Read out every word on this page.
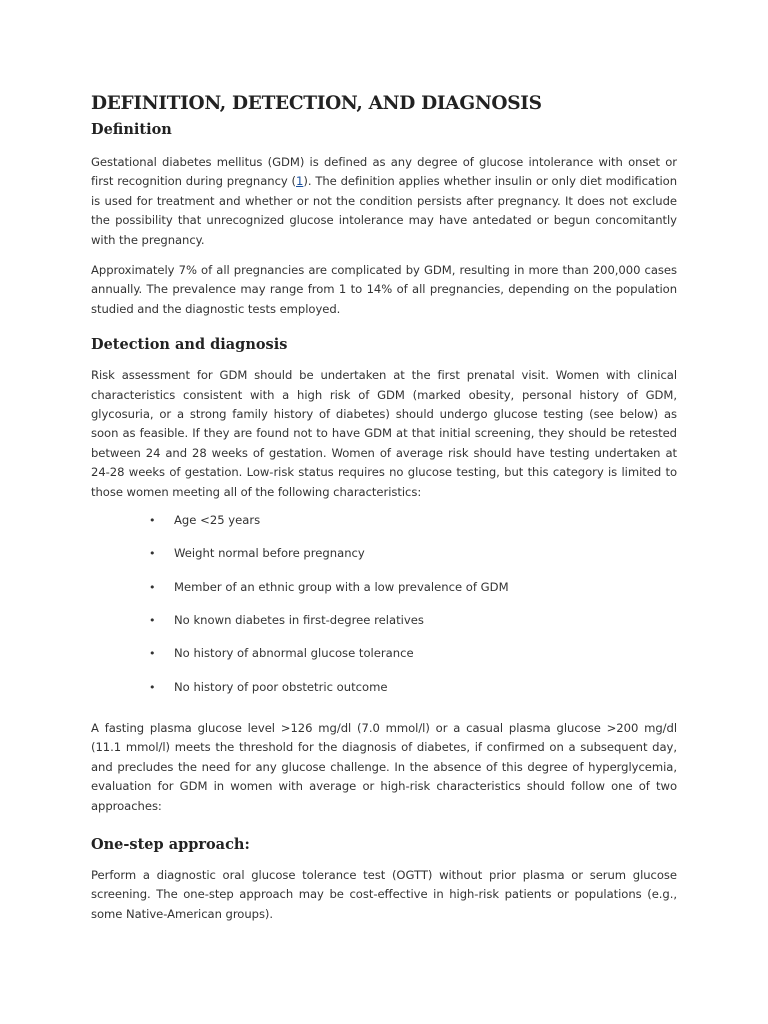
DEFINITION, DETECTION, AND DIAGNOSIS
Definition

Gestational diabetes mellitus (GDM) is defined as any degree of glucose intolerance with onset or first recognition during pregnancy (1). The definition applies whether insulin or only diet modification is used for treatment and whether or not the condition persists after pregnancy. It does not exclude the possibility that unrecognized glucose intolerance may have antedated or begun concomitantly with the pregnancy.

Approximately 7% of all pregnancies are complicated by GDM, resulting in more than 200,000 cases annually. The prevalence may range from 1 to 14% of all pregnancies, depending on the population studied and the diagnostic tests employed.

Detection and diagnosis

Risk assessment for GDM should be undertaken at the first prenatal visit. Women with clinical characteristics consistent with a high risk of GDM (marked obesity, personal history of GDM, glycosuria, or a strong family history of diabetes) should undergo glucose testing (see below) as soon as feasible. If they are found not to have GDM at that initial screening, they should be retested between 24 and 28 weeks of gestation. Women of average risk should have testing undertaken at 24-28 weeks of gestation. Low-risk status requires no glucose testing, but this category is limited to those women meeting all of the following characteristics:

• Age <25 years
• Weight normal before pregnancy
• Member of an ethnic group with a low prevalence of GDM
• No known diabetes in first-degree relatives
• No history of abnormal glucose tolerance
• No history of poor obstetric outcome

A fasting plasma glucose level >126 mg/dl (7.0 mmol/l) or a casual plasma glucose >200 mg/dl (11.1 mmol/l) meets the threshold for the diagnosis of diabetes, if confirmed on a subsequent day, and precludes the need for any glucose challenge. In the absence of this degree of hyperglycemia, evaluation for GDM in women with average or high-risk characteristics should follow one of two approaches:

One-step approach:

Perform a diagnostic oral glucose tolerance test (OGTT) without prior plasma or serum glucose screening. The one-step approach may be cost-effective in high-risk patients or populations (e.g., some Native-American groups).
